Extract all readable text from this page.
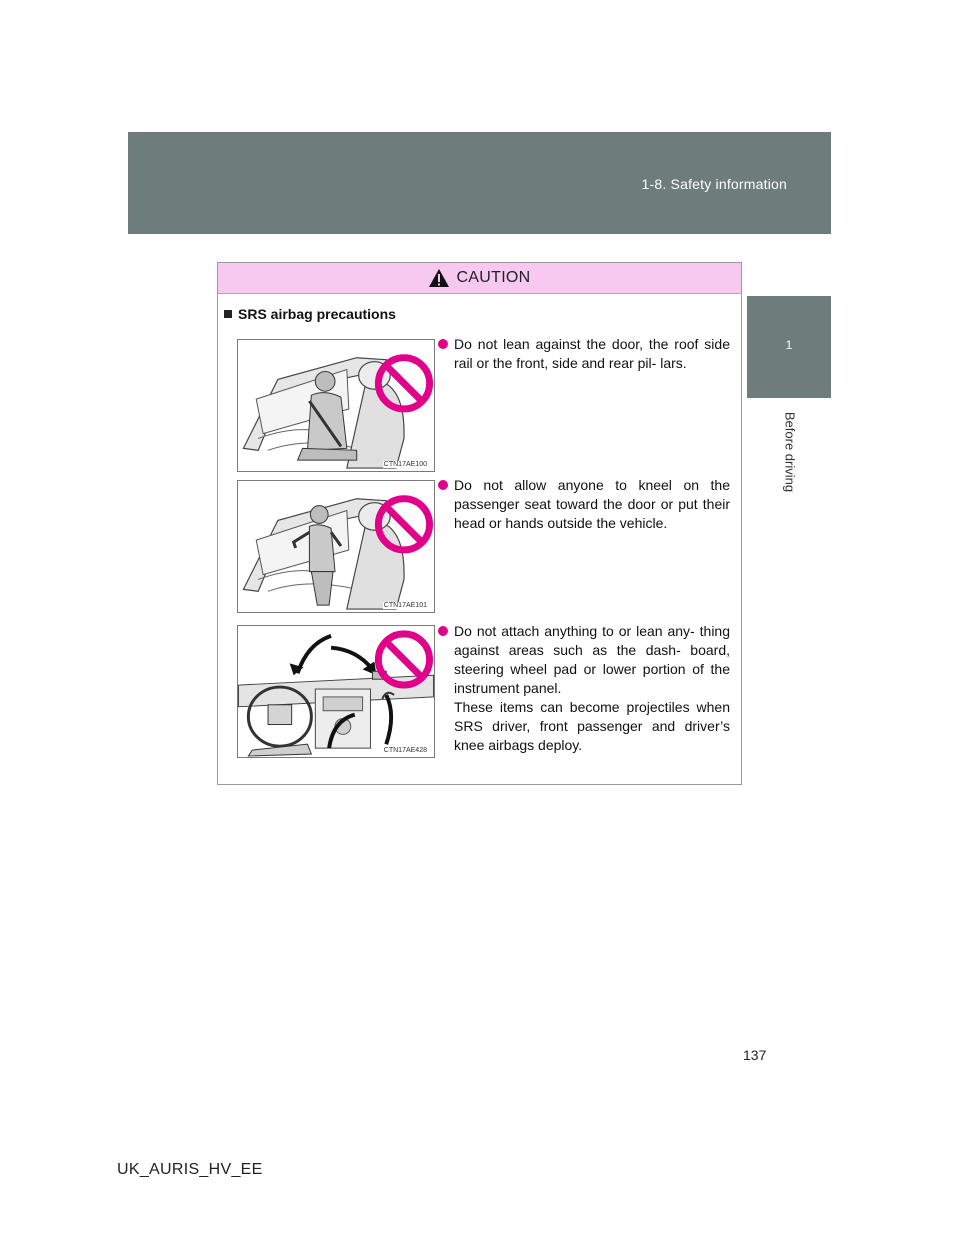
1-8. Safety information
1
Before driving
CAUTION
SRS airbag precautions
CTN17AE100

Do not lean against the door, the roof side rail or the front, side and rear pil- lars.

CTN17AE101

Do not allow anyone to kneel on the passenger seat toward the door or put their head or hands outside the vehicle.

CTN17AE428

Do not attach anything to or lean any- thing against areas such as the dash- board, steering wheel pad or lower portion of the instrument panel.

These items can become projectiles when SRS driver, front passenger and driver’s knee airbags deploy.

137
UK_AURIS_HV_EE
